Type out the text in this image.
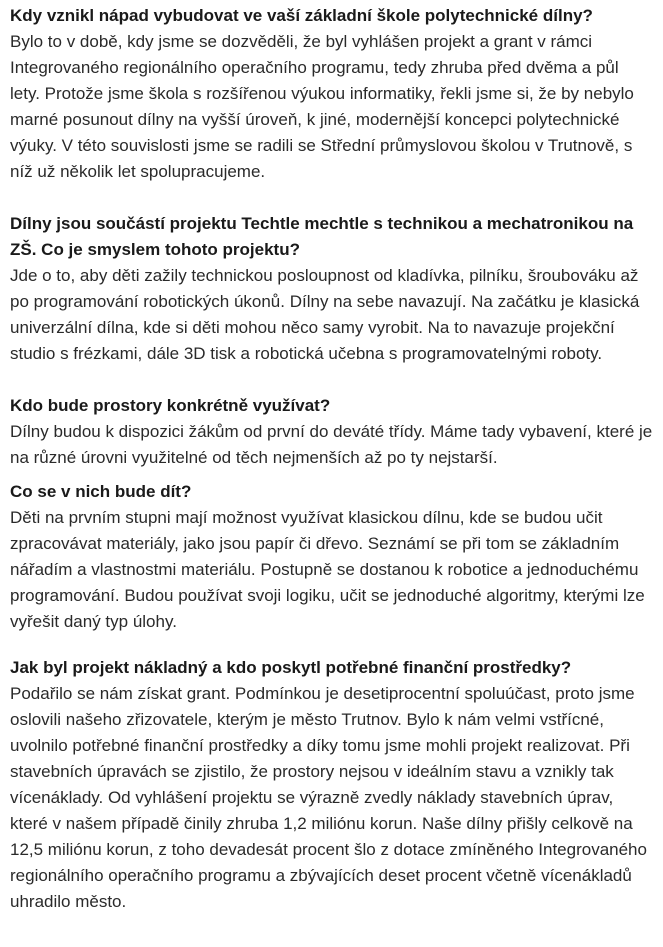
Kdy vznikl nápad vybudovat ve vaší základní škole polytechnické dílny?

Bylo to v době, kdy jsme se dozvěděli, že byl vyhlášen projekt a grant v rámci Integrovaného regionálního operačního programu, tedy zhruba před dvěma a půl lety. Protože jsme škola s rozšířenou výukou informatiky, řekli jsme si, že by nebylo marné posunout dílny na vyšší úroveň, k jiné, modernější koncepci polytechnické výuky. V této souvislosti jsme se radili se Střední průmyslovou školou v Trutnově, s níž už několik let spolupracujeme.

Dílny jsou součástí projektu Techtle mechtle s technikou a mechatronikou na ZŠ. Co je smyslem tohoto projektu?

Jde o to, aby děti zažily technickou posloupnost od kladívka, pilníku, šroubováku až po programování robotických úkonů. Dílny na sebe navazují. Na začátku je klasická univerzální dílna, kde si děti mohou něco samy vyrobit. Na to navazuje projekční studio s frézkami, dále 3D tisk a robotická učebna s programovatelnými roboty.

Kdo bude prostory konkrétně využívat?

Dílny budou k dispozici žákům od první do deváté třídy. Máme tady vybavení, které je na různé úrovni využitelné od těch nejmenších až po ty nejstarší.

Co se v nich bude dít?

Děti na prvním stupni mají možnost využívat klasickou dílnu, kde se budou učit zpracovávat materiály, jako jsou papír či dřevo. Seznámí se při tom se základním nářadím a vlastnostmi materiálu. Postupně se dostanou k robotice a jednoduchému programování. Budou používat svoji logiku, učit se jednoduché algoritmy, kterými lze vyřešit daný typ úlohy.

Jak byl projekt nákladný a kdo poskytl potřebné finanční prostředky?

Podařilo se nám získat grant. Podmínkou je desetiprocentní spoluúčast, proto jsme oslovili našeho zřizovatele, kterým je město Trutnov. Bylo k nám velmi vstřícné, uvolnilo potřebné finanční prostředky a díky tomu jsme mohli projekt realizovat. Při stavebních úpravách se zjistilo, že prostory nejsou v ideálním stavu a vznikly tak vícenáklady. Od vyhlášení projektu se výrazně zvedly náklady stavebních úprav, které v našem případě činily zhruba 1,2 miliónu korun. Naše dílny přišly celkově na 12,5 miliónu korun, z toho devadesát procent šlo z dotace zmíněného Integrovaného regionálního operačního programu a zbývajících deset procent včetně vícenákladů uhradilo město.
